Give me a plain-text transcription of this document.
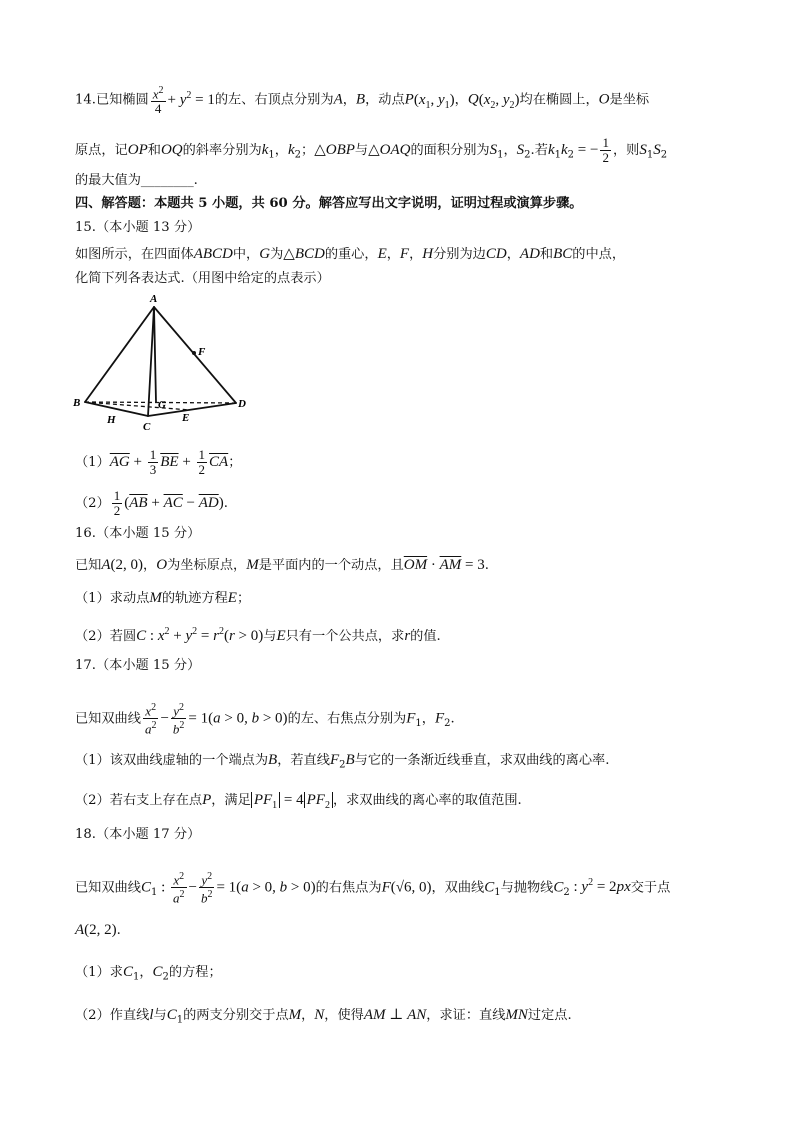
14.已知椭圆 $\frac{x^2}{4} + y^2 = 1$的左、右顶点分别为A，B，动点$P(x_1$, $y_1$)，$Q(x_2$, $y_2$)均在椭圆上，O是坐标
原点，记OP和OQ的斜率分别为$k_1$，$k_2$；△OBP与△OAQ的面积分别为$S_1$，$S_2$.若$k_1k_2$ = − $\frac{1}{2}$ ，则$S_1S_2$
的最大值为________.
四、解答题：本题共 5 小题，共 60 分。解答应写出文字说明，证明过程或演算步骤。
15.（本小题 13 分）
如图所示，在四面体ABCD中，G为△BCD的重心，E，F，H分别为边CD，AD和BC的中点，
化简下列各表达式.（用图中给定的点表示）
A
B
C
D
E
F
G
H
$(1)\overline{AG} + \frac{1}{3} \overline{BE} + \frac{1}{2} \overline{CA}$；
$(2) \frac{1}{2} (\overline{AB} + \overline{AC} - \overline{AD})$.
16.（本小题 15 分）
已知A(2, 0)，O为坐标原点，M是平面内的一个动点，且$\overline{OM} \cdot \overline{AM} = 3$.
（1）求动点M的轨迹方程E；
（2）若圆C : $x^2 + y^2 = r^2(r > 0)$与E只有一个公共点，求r的值.
17.（本小题 15 分）
已知双曲线 $\frac{x^2}{a^2} - \frac{y^2}{b^2} = 1(a > 0$, b > 0)的左、右焦点分别为$F_1$，$F_2$.
（1）该双曲线虚轴的一个端点为B，若直线$F_2B$与它的一条渐近线垂直，求双曲线的离心率.
（2）若右支上存在点P，满足 $PF_1 = 4$ $PF_2$ ，求双曲线的离心率的取值范围.
18.（本小题 17 分）
已知双曲线$C_1$ : $\frac{x^2}{a^2} - \frac{y^2}{b^2} = 1(a > 0$, b > 0)的右焦点为F(√6, 0)，双曲线$C_1$与抛物线$C_2$ : $y^2 = 2px$交于点
A(2, 2).
（1）求$C_1$，$C_2$的方程；
（2）作直线l与$C_1$的两支分别交于点M，N，使得AM ⊥ AN，求证：直线MN过定点.
